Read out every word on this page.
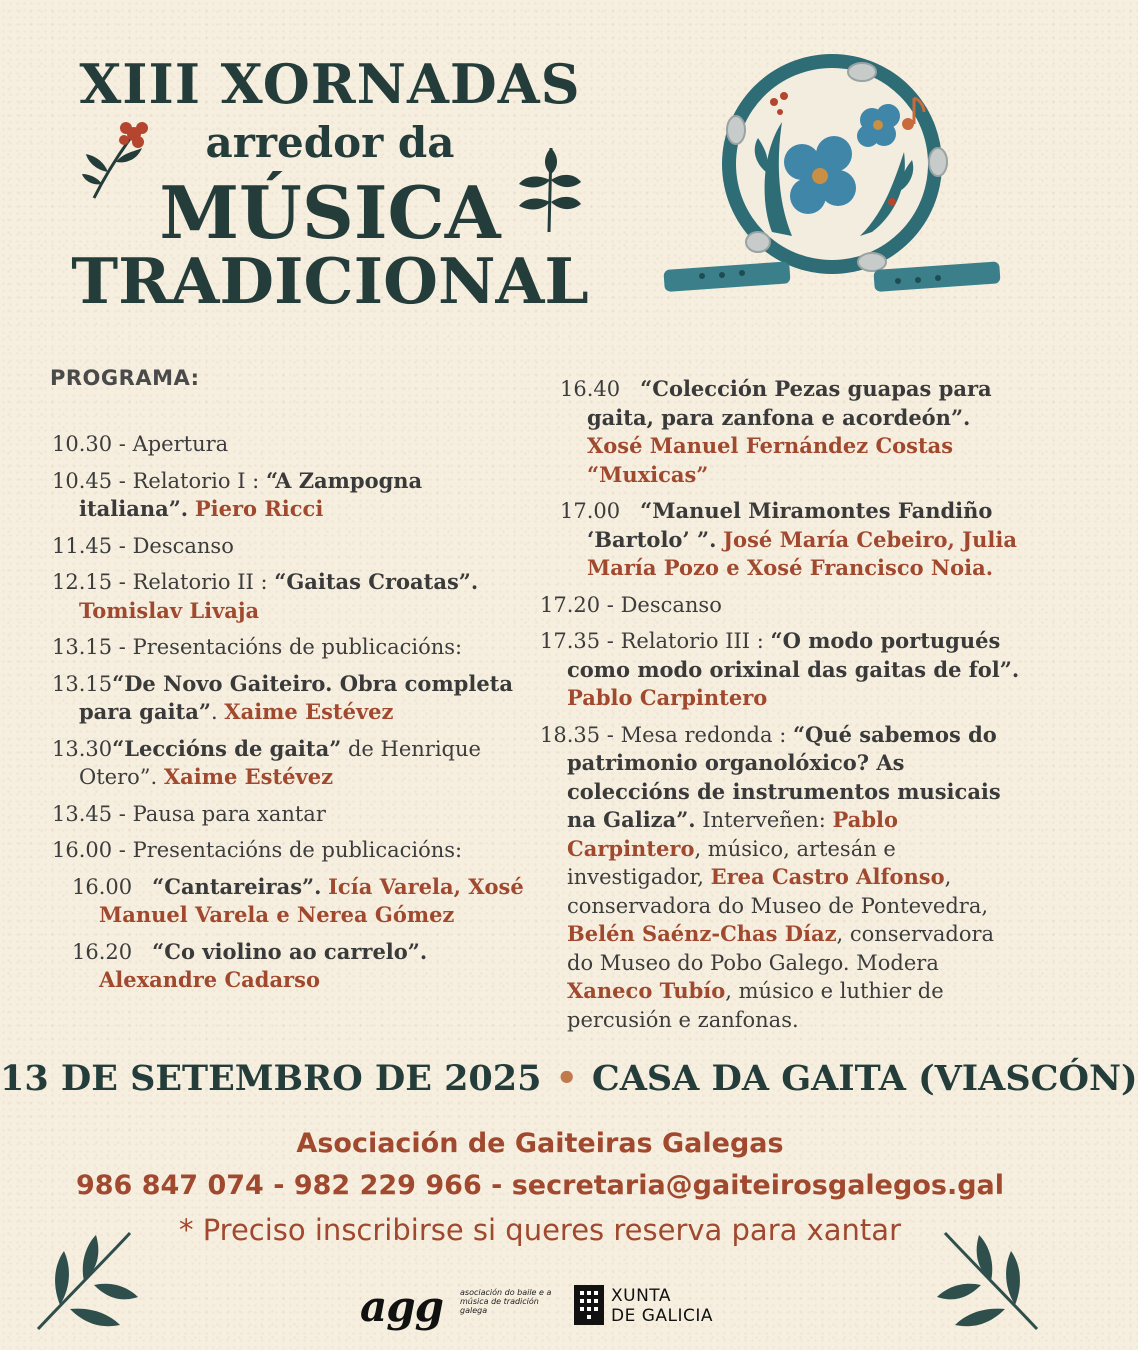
XIII XORNADAS
arredor da
MÚSICA
TRADICIONAL
PROGRAMA:

10.30 - Apertura

10.45 - Relatorio I : “A Zampogna italiana”. Piero Ricci

11.45 - Descanso

12.15 - Relatorio II : “Gaitas Croatas”. Tomislav Livaja

13.15 - Presentacións de publicacións:

13.15“De Novo Gaiteiro. Obra completa para gaita”. Xaime Estévez

13.30“Leccións de gaita” de Henrique Otero”. Xaime Estévez

13.45 - Pausa para xantar

16.00 - Presentacións de publicacións:

16.00 “Cantareiras”. Icía Varela, Xosé Manuel Varela e Nerea Gómez

16.20 “Co violino ao carrelo”. Alexandre Cadarso

16.40 “Colección Pezas guapas para gaita, para zanfona e acordeón”. Xosé Manuel Fernández Costas “Muxicas”

17.00 “Manuel Miramontes Fandiño ‘Bartolo’ ”. José María Cebeiro, Julia María Pozo e Xosé Francisco Noia.

17.20 - Descanso

17.35 - Relatorio III : “O modo portugués como modo orixinal das gaitas de fol”. Pablo Carpintero

18.35 - Mesa redonda : “Qué sabemos do patrimonio organolóxico? As coleccións de instrumentos musicais na Galiza”. Interveñen: Pablo Carpintero, músico, artesán e investigador, Erea Castro Alfonso, conservadora do Museo de Pontevedra, Belén Saénz-Chas Díaz, conservadora do Museo do Pobo Galego. Modera Xaneco Tubío, músico e luthier de percusión e zanfonas.

13 DE SETEMBRO DE 2025 • CASA DA GAITA (VIASCÓN)
Asociación de Gaiteiras Galegas
986 847 074 - 982 229 966 - secretaria@gaiteirosgalegos.gal
* Preciso inscribirse si queres reserva para xantar
agg asociación do baile e a música de tradición galega
XUNTA
DE GALICIA
